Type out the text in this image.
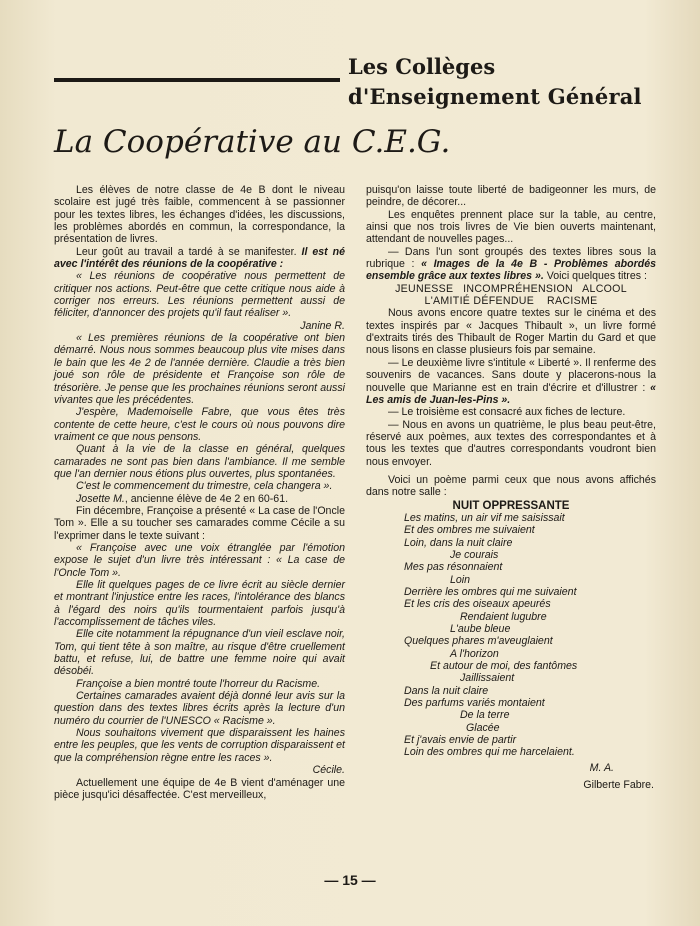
Les Collèges
d'Enseignement Général
La Coopérative au C.E.G.

Les élèves de notre classe de 4e B dont le niveau scolaire est jugé très faible, commencent à se passionner pour les textes libres, les échanges d'idées, les discussions, les problèmes abordés en commun, la correspondance, la présentation de livres.

Leur goût au travail a tardé à se manifester. Il est né avec l'intérêt des réunions de la coopérative :

« Les réunions de coopérative nous permettent de critiquer nos actions. Peut-être que cette critique nous aide à corriger nos erreurs. Les réunions permettent aussi de féliciter, d'annoncer des projets qu'il faut réaliser ».

Janine R.

« Les premières réunions de la coopérative ont bien démarré. Nous nous sommes beaucoup plus vite mises dans le bain que les 4e 2 de l'année dernière. Claudie a très bien joué son rôle de présidente et Françoise son rôle de trésorière. Je pense que les prochaines réunions seront aussi vivantes que les précédentes.

J'espère, Mademoiselle Fabre, que vous êtes très contente de cette heure, c'est le cours où nous pouvons dire vraiment ce que nous pensons.

Quant à la vie de la classe en général, quelques camarades ne sont pas bien dans l'ambiance. Il me semble que l'an dernier nous étions plus ouvertes, plus spontanées.

C'est le commencement du trimestre, cela changera ».

Josette M., ancienne élève de 4e 2 en 60-61.

Fin décembre, Françoise a présenté « La case de l'Oncle Tom ». Elle a su toucher ses camarades comme Cécile a su l'exprimer dans le texte suivant :

« Françoise avec une voix étranglée par l'émotion expose le sujet d'un livre très intéressant : « La case de l'Oncle Tom ».

Elle lit quelques pages de ce livre écrit au siècle dernier et montrant l'injustice entre les races, l'intolérance des blancs à l'égard des noirs qu'ils tourmentaient parfois jusqu'à l'accomplissement de tâches viles.

Elle cite notamment la répugnance d'un vieil esclave noir, Tom, qui tient tête à son maître, au risque d'être cruellement battu, et refuse, lui, de battre une femme noire qui avait désobéi.

Françoise a bien montré toute l'horreur du Racisme.

Certaines camarades avaient déjà donné leur avis sur la question dans des textes libres écrits après la lecture d'un numéro du courrier de l'UNESCO « Racisme ».

Nous souhaitons vivement que disparaissent les haines entre les peuples, que les vents de corruption disparaissent et que la compréhension règne entre les races ».

Cécile.

Actuellement une équipe de 4e B vient d'aménager une pièce jusqu'ici désaffectée. C'est merveilleux,

puisqu'on laisse toute liberté de badigeonner les murs, de peindre, de décorer...

Les enquêtes prennent place sur la table, au centre, ainsi que nos trois livres de Vie bien ouverts maintenant, attendant de nouvelles pages...

— Dans l'un sont groupés des textes libres sous la rubrique : « Images de la 4e B - Problèmes abordés ensemble grâce aux textes libres ». Voici quelques titres :

JEUNESSE   INCOMPRÉHENSION   ALCOOL
L'AMITIÉ DÉFENDUE    RACISME

Nous avons encore quatre textes sur le cinéma et des textes inspirés par « Jacques Thibault », un livre formé d'extraits tirés des Thibault de Roger Martin du Gard et que nous lisons en classe plusieurs fois par semaine.

— Le deuxième livre s'intitule « Liberté ». Il renferme des souvenirs de vacances. Sans doute y placerons-nous la nouvelle que Marianne est en train d'écrire et d'illustrer : « Les amis de Juan-les-Pins ».

— Le troisième est consacré aux fiches de lecture.

— Nous en avons un quatrième, le plus beau peut-être, réservé aux poèmes, aux textes des correspondantes et à tous les textes que d'autres correspondants voudront bien nous envoyer.

Voici un poème parmi ceux que nous avons affichés dans notre salle :

NUIT OPPRESSANTE
Les matins, un air vif me saisissait
Et des ombres me suivaient
Loin, dans la nuit claire
Je courais
Mes pas résonnaient
Loin
Derrière les ombres qui me suivaient
Et les cris des oiseaux apeurés
Rendaient lugubre
L'aube bleue
Quelques phares m'aveuglaient
A l'horizon
Et autour de moi, des fantômes
Jaillissaient
Dans la nuit claire
Des parfums variés montaient
De la terre
Glacée
Et j'avais envie de partir
Loin des ombres qui me harcelaient.

M. A.

Gilberte Fabre.

— 15 —
